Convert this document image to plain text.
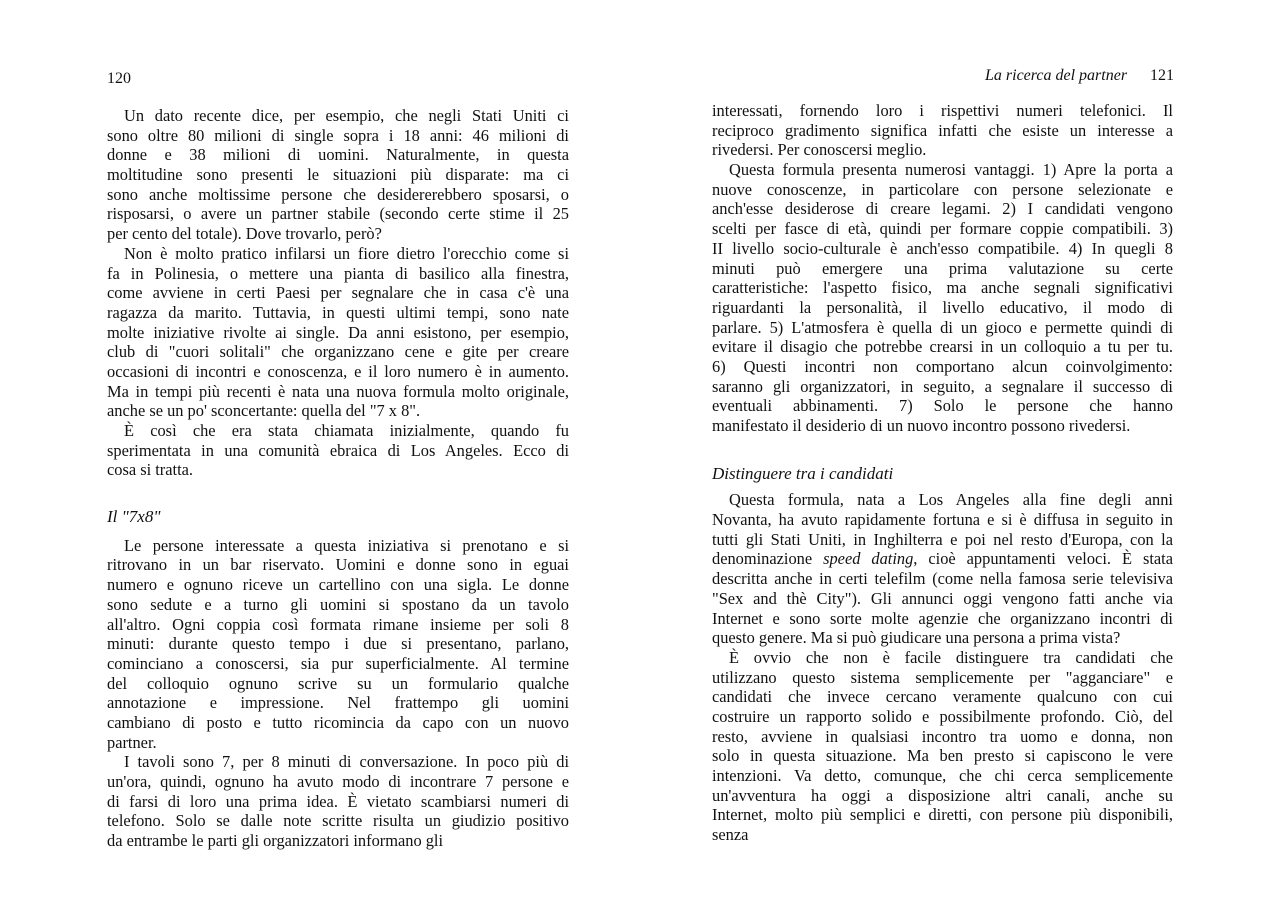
120
Un dato recente dice, per esempio, che negli Stati Uniti ci
sono oltre 80 milioni di single sopra i 18 anni: 46 milioni di
donne e 38 milioni di uomini. Naturalmente, in questa
moltitudine sono presenti le situazioni più disparate: ma ci
sono anche moltissime persone che desidererebbero sposarsi, o
risposarsi, o avere un partner stabile (secondo certe stime il 25
per cento del totale). Dove trovarlo, però?
Non è molto pratico infilarsi un fiore dietro l'orecchio come si
fa in Polinesia, o mettere una pianta di basilico alla finestra,
come avviene in certi Paesi per segnalare che in casa c'è una
ragazza da marito. Tuttavia, in questi ultimi tempi, sono nate
molte iniziative rivolte ai single. Da anni esistono, per esempio,
club di "cuori solitali" che organizzano cene e gite per creare
occasioni di incontri e conoscenza, e il loro numero è in aumento.
Ma in tempi più recenti è nata una nuova formula molto originale,
anche se un po' sconcertante: quella del "7 x 8".
È così che era stata chiamata inizialmente, quando fu
sperimentata in una comunità ebraica di Los Angeles. Ecco di
cosa si tratta.
Il "7x8"
Le persone interessate a questa iniziativa si prenotano e si
ritrovano in un bar riservato. Uomini e donne sono in eguai
numero e ognuno riceve un cartellino con una sigla. Le donne
sono sedute e a turno gli uomini si spostano da un tavolo
all'altro. Ogni coppia così formata rimane insieme per soli 8
minuti: durante questo tempo i due si presentano, parlano,
cominciano a conoscersi, sia pur superficialmente. Al termine
del colloquio ognuno scrive su un formulario qualche
annotazione e impressione. Nel frattempo gli uomini
cambiano di posto e tutto ricomincia da capo con un nuovo
partner.
I tavoli sono 7, per 8 minuti di conversazione. In poco più di
un'ora, quindi, ognuno ha avuto modo di incontrare 7 persone e
di farsi di loro una prima idea. È vietato scambiarsi numeri di
telefono. Solo se dalle note scritte risulta un giudizio positivo
da entrambe le parti gli organizzatori informano gli
La ricerca del partner 121
interessati, fornendo loro i rispettivi numeri telefonici. Il
reciproco gradimento significa infatti che esiste un interesse a
rivedersi. Per conoscersi meglio.
Questa formula presenta numerosi vantaggi. 1) Apre la porta a
nuove conoscenze, in particolare con persone selezionate e
anch'esse desiderose di creare legami. 2) I candidati vengono
scelti per fasce di età, quindi per formare coppie compatibili. 3)
II livello socio-culturale è anch'esso compatibile. 4) In quegli 8
minuti può emergere una prima valutazione su certe
caratteristiche: l'aspetto fisico, ma anche segnali significativi
riguardanti la personalità, il livello educativo, il modo di
parlare. 5) L'atmosfera è quella di un gioco e permette quindi di
evitare il disagio che potrebbe crearsi in un colloquio a tu per tu.
6) Questi incontri non comportano alcun coinvolgimento:
saranno gli organizzatori, in seguito, a segnalare il successo di
eventuali abbinamenti. 7) Solo le persone che hanno
manifestato il desiderio di un nuovo incontro possono rivedersi.
Distinguere tra i candidati
Questa formula, nata a Los Angeles alla fine degli anni
Novanta, ha avuto rapidamente fortuna e si è diffusa in seguito in
tutti gli Stati Uniti, in Inghilterra e poi nel resto d'Europa, con la
denominazione speed dating, cioè appuntamenti veloci. È stata
descritta anche in certi telefilm (come nella famosa serie televisiva
"Sex and thè City"). Gli annunci oggi vengono fatti anche via
Internet e sono sorte molte agenzie che organizzano incontri di
questo genere. Ma si può giudicare una persona a prima vista?
È ovvio che non è facile distinguere tra candidati che
utilizzano questo sistema semplicemente per "agganciare" e
candidati che invece cercano veramente qualcuno con cui
costruire un rapporto solido e possibilmente profondo. Ciò, del
resto, avviene in qualsiasi incontro tra uomo e donna, non
solo in questa situazione. Ma ben presto si capiscono le vere
intenzioni. Va detto, comunque, che chi cerca semplicemente
un'avventura ha oggi a disposizione altri canali, anche su
Internet, molto più semplici e diretti, con persone più disponibili,
senza
